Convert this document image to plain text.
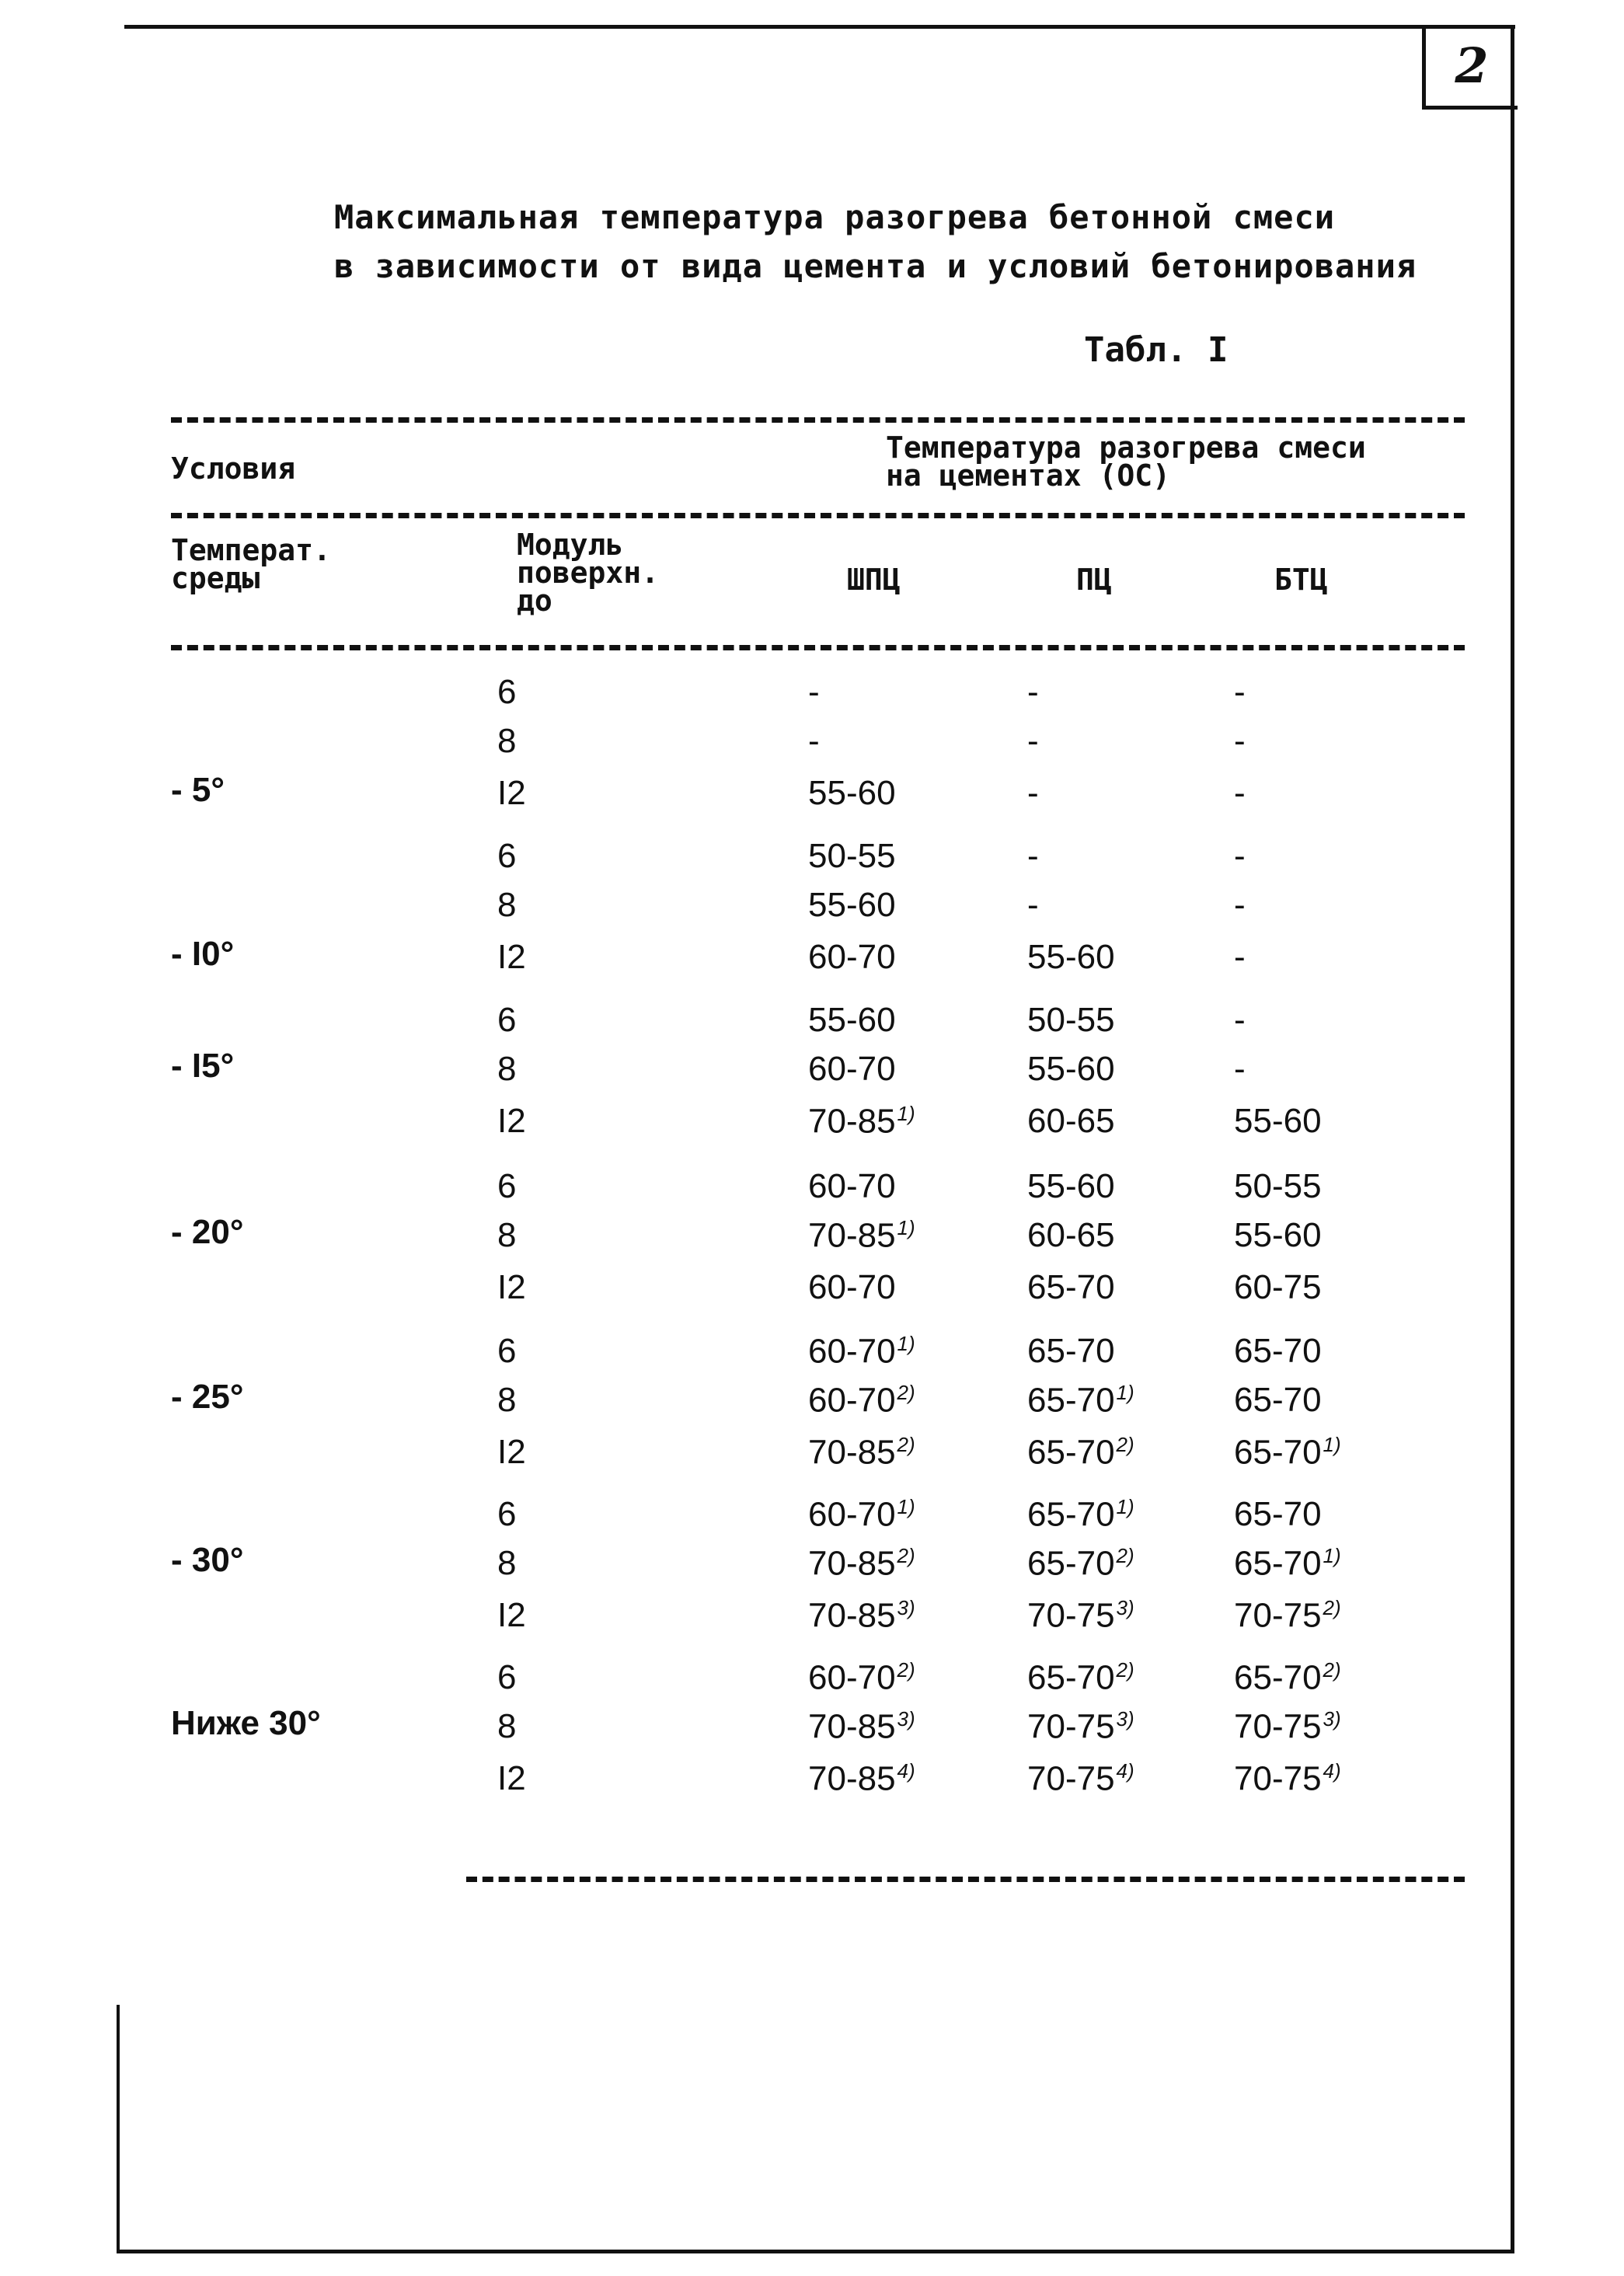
2
Максимальная температура разогрева бетонной смеси
в зависимости от вида цемента и условий бетонирования
Табл. I
Условия
Температура разогрева смеси
на цементах (ОС)
Температ.
среды
Модуль
поверхн.
до
ШПЦ	ПЦ	БТЦ
- 5°
6	-	-	-
8	-	-	-
I2	55-60	-	-
- I0°
6	50-55	-	-
8	55-60	-	-
I2	60-70	55-60	-
- I5°
6	55-60	50-55	-
8	60-70	55-60	-
I2	70-85$^{1)}$	60-65	55-60
- 20°
6	60-70	55-60	50-55
8	70-85$^{1)}$	60-65	55-60
I2	60-70	65-70	60-75
- 25°
6	60-70$^{1)}$	65-70	65-70
8	60-70$^{2)}$	65-70$^{1)}$	65-70
I2	70-85$^{2)}$	65-70$^{2)}$	65-70$^{1)}$
- 30°
6	60-70$^{1)}$	65-70$^{1)}$	65-70
8	70-85$^{2)}$	65-70$^{2)}$	65-70$^{1)}$
I2	70-85$^{3)}$	70-75$^{3)}$	70-75$^{2)}$
Ниже 30°
6	60-70$^{2)}$	65-70$^{2)}$	65-70$^{2)}$
8	70-85$^{3)}$	70-75$^{3)}$	70-75$^{3)}$
I2	70-85$^{4)}$	70-75$^{4)}$	70-75$^{4)}$
